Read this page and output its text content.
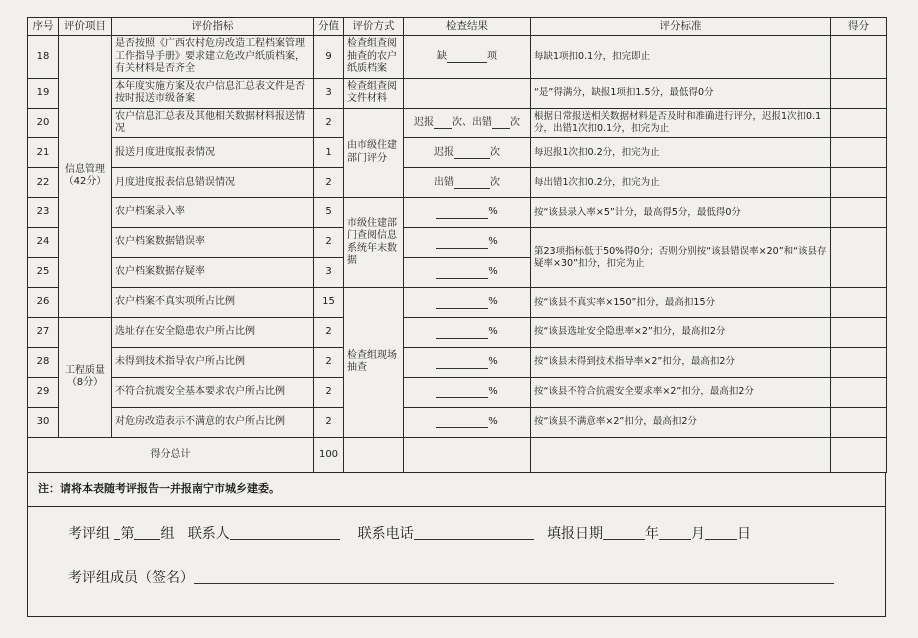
序号	评价项目	评价指标	分值	评价方式	检查结果	评分标准	得分
18	信息管理（42分）	是否按照《广西农村危房改造工程档案管理工作指导手册》要求建立危改户纸质档案，有关材料是否齐全	9	检查组查阅抽查的农户纸质档案	缺 项	每缺1项扣0.1分，扣完即止	
19		本年度实施方案及农户信息汇总表文件是否按时报送市级备案	3	检查组查阅文件材料		“是”得满分，缺报1项扣1.5分，最低得0分	
20		农户信息汇总表及其他相关数据材料报送情况	2	由市级住建部门评分	迟报 次、出错 次	根据日常报送相关数据材料是否及时和准确进行评分，迟报1次扣0.1分，出错1次扣0.1分，扣完为止	
21		报送月度进度报表情况	1		迟报 次	每迟报1次扣0.2分，扣完为止	
22		月度进度报表信息错误情况	2		出错 次	每出错1次扣0.2分，扣完为止	
23		农户档案录入率	5	市级住建部门查阅信息系统年末数据	%	按“该县录入率×5”计分，最高得5分，最低得0分	
24		农户档案数据错误率	2		%	第23项指标低于50%得0分；否则分别按“该县错误率×20”和“该县存疑率×30”扣分，扣完为止	
25		农户档案数据存疑率	3		%		
26		农户档案不真实项所占比例	15	检查组现场抽查	%	按“该县不真实率×150”扣分，最高扣15分	
27	工程质量（8分）	选址存在安全隐患农户所占比例	2		%	按“该县选址安全隐患率×2”扣分，最高扣2分	
28		未得到技术指导农户所占比例	2		%	按“该县未得到技术指导率×2”扣分，最高扣2分	
29		不符合抗震安全基本要求农户所占比例	2		%	按“该县不符合抗震安全要求率×2”扣分，最高扣2分	
30		对危房改造表示不满意的农户所占比例	2		%	按“该县不满意率×2”扣分，最高扣2分	
得分总计			100				
注：请将本表随考评报告一并报南宁市城乡建委。
考评组 第 组 联系人	联系电话	填报日期	年 月 日
考评组成员（签名）
